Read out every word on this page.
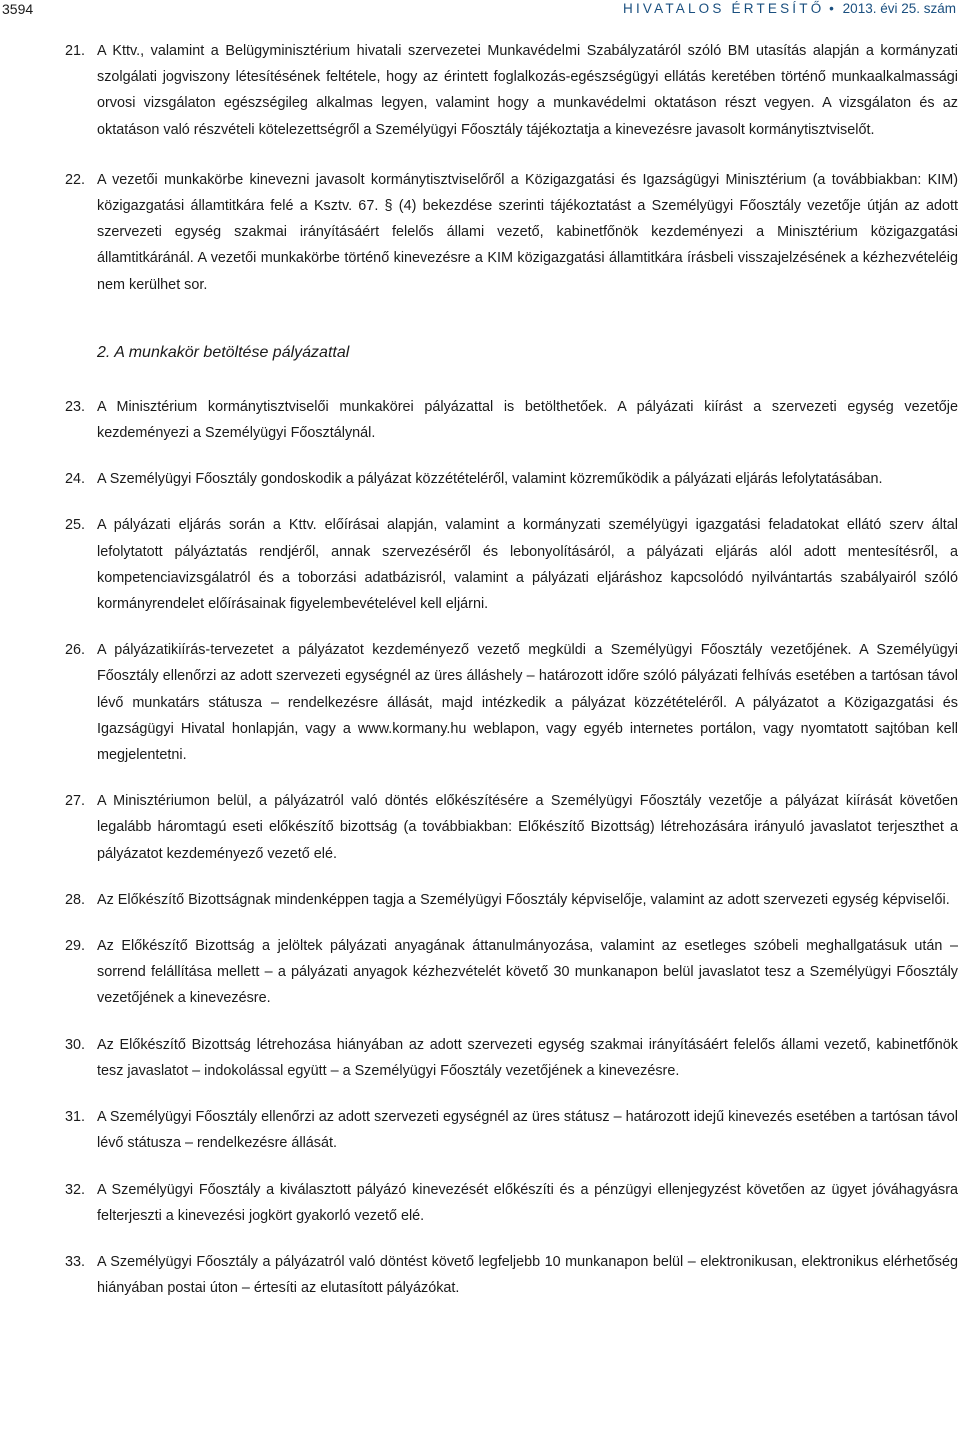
3594	HIVATALOS ÉRTESÍTŐ • 2013. évi 25. szám
21. A Kttv., valamint a Belügyminisztérium hivatali szervezetei Munkavédelmi Szabályzatáról szóló BM utasítás alapján a kormányzati szolgálati jogviszony létesítésének feltétele, hogy az érintett foglalkozás-egészségügyi ellátás keretében történő munkaalkalmassági orvosi vizsgálaton egészségileg alkalmas legyen, valamint hogy a munkavédelmi oktatáson részt vegyen. A vizsgálaton és az oktatáson való részvételi kötelezettségről a Személyügyi Főosztály tájékoztatja a kinevezésre javasolt kormánytisztviselőt.
22. A vezetői munkakörbe kinevezni javasolt kormánytisztviselőről a Közigazgatási és Igazságügyi Minisztérium (a továbbiakban: KIM) közigazgatási államtitkára felé a Ksztv. 67. § (4) bekezdése szerinti tájékoztatást a Személyügyi Főosztály vezetője útján az adott szervezeti egység szakmai irányításáért felelős állami vezető, kabinetfőnök kezdeményezi a Minisztérium közigazgatási államtitkáránál. A vezetői munkakörbe történő kinevezésre a KIM közigazgatási államtitkára írásbeli visszajelzésének a kézhezvételéig nem kerülhet sor.
2. A munkakör betöltése pályázattal
23. A Minisztérium kormánytisztviselői munkakörei pályázattal is betölthetőek. A pályázati kiírást a szervezeti egység vezetője kezdeményezi a Személyügyi Főosztálynál.
24. A Személyügyi Főosztály gondoskodik a pályázat közzétételéről, valamint közreműködik a pályázati eljárás lefolytatásában.
25. A pályázati eljárás során a Kttv. előírásai alapján, valamint a kormányzati személyügyi igazgatási feladatokat ellátó szerv által lefolytatott pályáztatás rendjéről, annak szervezéséről és lebonyolításáról, a pályázati eljárás alól adott mentesítésről, a kompetenciavizsgálatról és a toborzási adatbázisról, valamint a pályázati eljáráshoz kapcsolódó nyilvántartás szabályairól szóló kormányrendelet előírásainak figyelembevételével kell eljárni.
26. A pályázatikiírás-tervezetet a pályázatot kezdeményező vezető megküldi a Személyügyi Főosztály vezetőjének. A Személyügyi Főosztály ellenőrzi az adott szervezeti egységnél az üres álláshely – határozott időre szóló pályázati felhívás esetében a tartósan távol lévő munkatárs státusza – rendelkezésre állását, majd intézkedik a pályázat közzétételéről. A pályázatot a Közigazgatási és Igazságügyi Hivatal honlapján, vagy a www.kormany.hu weblapon, vagy egyéb internetes portálon, vagy nyomtatott sajtóban kell megjelentetni.
27. A Minisztériumon belül, a pályázatról való döntés előkészítésére a Személyügyi Főosztály vezetője a pályázat kiírását követően legalább háromtagú eseti előkészítő bizottság (a továbbiakban: Előkészítő Bizottság) létrehozására irányuló javaslatot terjeszthet a pályázatot kezdeményező vezető elé.
28. Az Előkészítő Bizottságnak mindenképpen tagja a Személyügyi Főosztály képviselője, valamint az adott szervezeti egység képviselői.
29. Az Előkészítő Bizottság a jelöltek pályázati anyagának áttanulmányozása, valamint az esetleges szóbeli meghallgatásuk után – sorrend felállítása mellett – a pályázati anyagok kézhezvételét követő 30 munkanapon belül javaslatot tesz a Személyügyi Főosztály vezetőjének a kinevezésre.
30. Az Előkészítő Bizottság létrehozása hiányában az adott szervezeti egység szakmai irányításáért felelős állami vezető, kabinetfőnök tesz javaslatot – indokolással együtt – a Személyügyi Főosztály vezetőjének a kinevezésre.
31. A Személyügyi Főosztály ellenőrzi az adott szervezeti egységnél az üres státusz – határozott idejű kinevezés esetében a tartósan távol lévő státusza – rendelkezésre állását.
32. A Személyügyi Főosztály a kiválasztott pályázó kinevezését előkészíti és a pénzügyi ellenjegyzést követően az ügyet jóváhagyásra felterjeszti a kinevezési jogkört gyakorló vezető elé.
33. A Személyügyi Főosztály a pályázatról való döntést követő legfeljebb 10 munkanapon belül – elektronikusan, elektronikus elérhetőség hiányában postai úton – értesíti az elutasított pályázókat.
